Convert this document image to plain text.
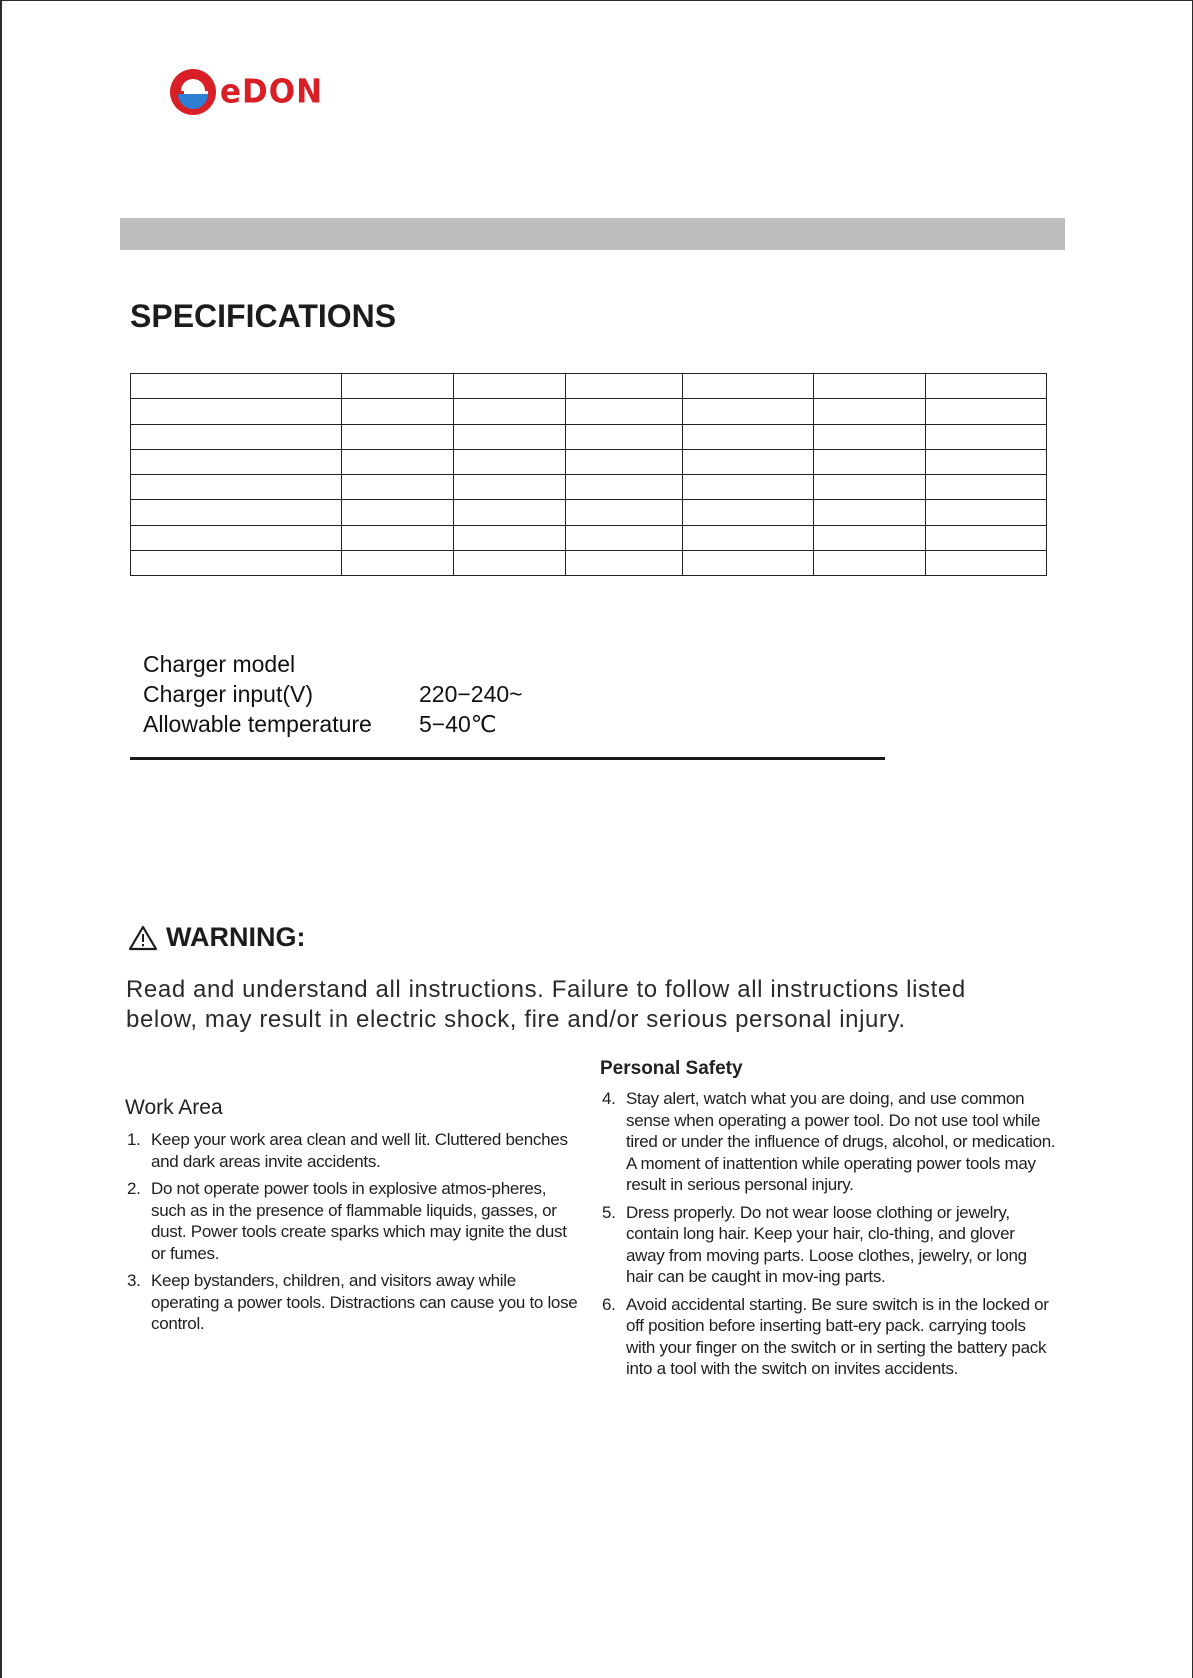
eDON
SPECIFICATIONS

Charger model
Charger input(V)	220−240~
Allowable temperature	5−40℃
WARNING:
Read and understand all instructions. Failure to follow all instructions listed below, may result in electric shock, fire and/or serious personal injury.
Work Area
1. Keep your work area clean and well lit. Cluttered benches and dark areas invite accidents.
2. Do not operate power tools in explosive atmos-pheres, such as in the presence of flammable liquids, gasses, or dust. Power tools create sparks which may ignite the dust or fumes.
3. Keep bystanders, children, and visitors away while operating a power tools. Distractions can cause you to lose control.
Personal Safety
4. Stay alert, watch what you are doing, and use common sense when operating a power tool. Do not use tool while tired or under the influence of drugs, alcohol, or medication. A moment of inattention while operating power tools may result in serious personal injury.
5. Dress properly. Do not wear loose clothing or jewelry, contain long hair. Keep your hair, clo-thing, and glover away from moving parts. Loose clothes, jewelry, or long hair can be caught in mov-ing parts.
6. Avoid accidental starting. Be sure switch is in the locked or off position before inserting batt-ery pack. carrying tools with your finger on the switch or in serting the battery pack into a tool with the switch on invites accidents.
